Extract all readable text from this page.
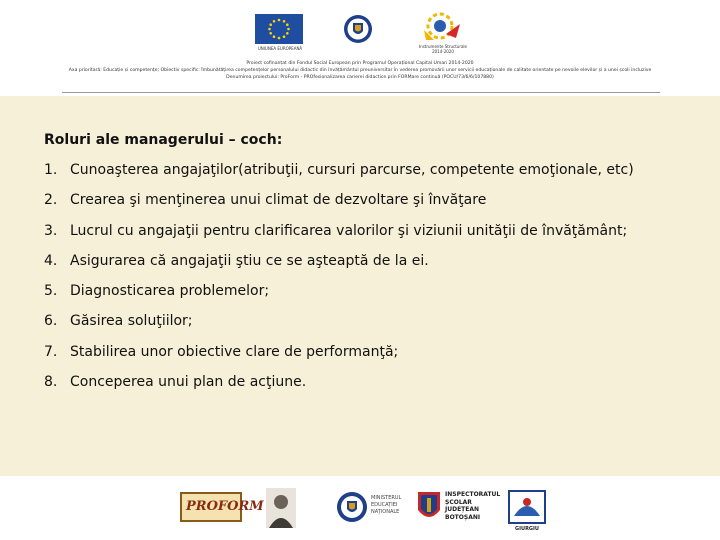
UNIUNEA EUROPEANĂ	Instrumente Structurale 2014-2020
Proiect cofinanțat din Fondul Social European prin Programul Operațional Capital Uman 2014-2020
Axa prioritară: Educație și competențe; Obiectiv specific: Îmbunătățirea competențelor personalului didactic din învățământul preuniversitar în vederea promovării unor servicii educaționale de calitate orientate pe nevoile elevilor și a unei școli incluzive
Denumirea proiectului: ProForm - PROfesionalizarea carierei didactice prin FORMare continuă (POCU/73/6/6/107880)
Roluri ale managerului – coch:
1. Cunoaşterea angajaţilor(atribuţii, cursuri parcurse, competente emoţionale, etc)
2. Crearea şi menţinerea unui climat de dezvoltare şi învăţare
3. Lucrul cu angajaţii pentru clarificarea valorilor şi viziunii unităţii de învăţământ;
4. Asigurarea că angajaţii ştiu ce se aşteaptă de la ei.
5. Diagnosticarea problemelor;
6. Găsirea soluţiilor;
7. Stabilirea unor obiective clare de performanţă;
8. Conceperea unui plan de acţiune.
PROFORM
MINISTERUL EDUCAȚIEI NAȚIONALE
INSPECTORATUL ȘCOLAR JUDEȚEAN BOTOȘANI
GIURGIU
